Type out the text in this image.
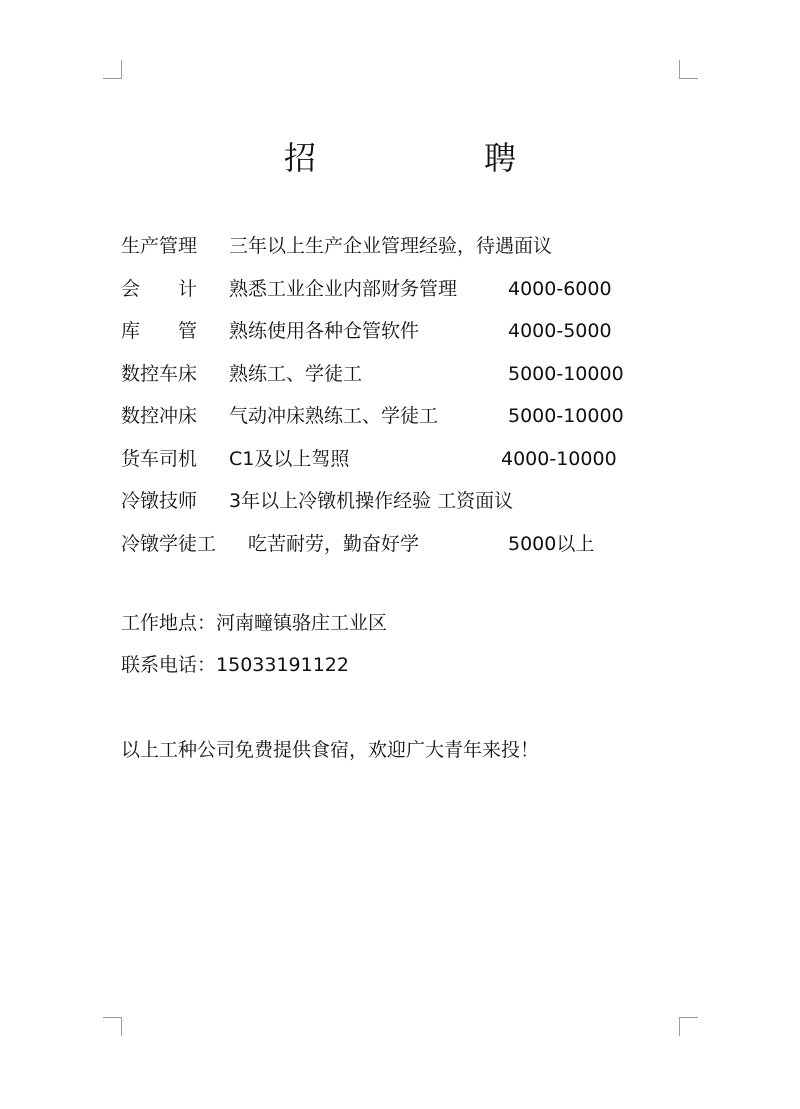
招　聘
生产管理 三年以上生产企业管理经验，待遇面议
会　　计 熟悉工业企业内部财务管理	4000-6000
库　　管 熟练使用各种仓管软件	4000-5000
数控车床 熟练工、学徒工	5000-10000
数控冲床 气动冲床熟练工、学徒工	5000-10000
货车司机 C1及以上驾照	4000-10000
冷镦技师 3年以上冷镦机操作经验 工资面议
冷镦学徒工 　吃苦耐劳，勤奋好学	5000以上
工作地点：河南疃镇骆庄工业区
联系电话：15033191122
以上工种公司免费提供食宿，欢迎广大青年来投！
